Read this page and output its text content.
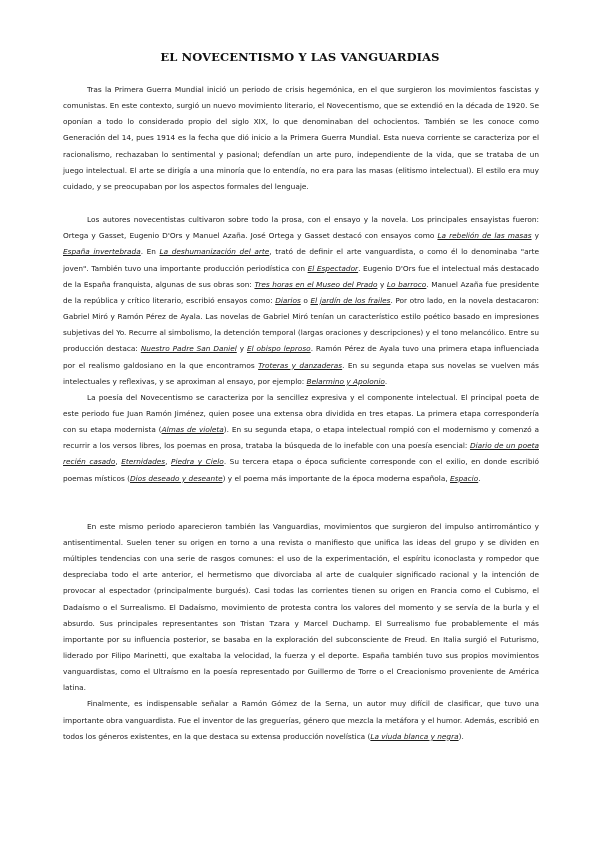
EL NOVECENTISMO Y LAS VANGUARDIAS

Tras la Primera Guerra Mundial inició un periodo de crisis hegemónica, en el que surgieron los movimientos fascistas y comunistas. En este contexto, surgió un nuevo movimiento literario, el Novecentismo, que se extendió en la década de 1920. Se oponían a todo lo considerado propio del siglo XIX, lo que denominaban del ochocientos. También se les conoce como Generación del 14, pues 1914 es la fecha que dió inicio a la Primera Guerra Mundial. Esta nueva corriente se caracteriza por el racionalismo, rechazaban lo sentimental y pasional; defendían un arte puro, independiente de la vida, que se trataba de un juego intelectual. El arte se dirigía a una minoría que lo entendía, no era para las masas (elitismo intelectual). El estilo era muy cuidado, y se preocupaban por los aspectos formales del lenguaje.

Los autores novecentistas cultivaron sobre todo la prosa, con el ensayo y la novela. Los principales ensayistas fueron: Ortega y Gasset, Eugenio D'Ors y Manuel Azaña. José Ortega y Gasset destacó con ensayos como La rebelión de las masas y España invertebrada. En La deshumanización del arte, trató de definir el arte vanguardista, o como él lo denominaba "arte joven". También tuvo una importante producción periodística con El Espectador. Eugenio D'Ors fue el intelectual más destacado de la España franquista, algunas de sus obras son: Tres horas en el Museo del Prado y Lo barroco. Manuel Azaña fue presidente de la república y crítico literario, escribió ensayos como: Diarios o El jardín de los frailes. Por otro lado, en la novela destacaron: Gabriel Miró y Ramón Pérez de Ayala. Las novelas de Gabriel Miró tenían un característico estilo poético basado en impresiones subjetivas del Yo. Recurre al simbolismo, la detención temporal (largas oraciones y descripciones) y el tono melancólico. Entre su producción destaca: Nuestro Padre San Daniel y El obispo leproso. Ramón Pérez de Ayala tuvo una primera etapa influenciada por el realismo galdosiano en la que encontramos Troteras y danzaderas. En su segunda etapa sus novelas se vuelven más intelectuales y reflexivas, y se aproximan al ensayo, por ejemplo: Belarmino y Apolonio.

La poesía del Novecentismo se caracteriza por la sencillez expresiva y el componente intelectual. El principal poeta de este periodo fue Juan Ramón Jiménez, quien posee una extensa obra dividida en tres etapas. La primera etapa correspondería con su etapa modernista (Almas de violeta). En su segunda etapa, o etapa intelectual rompió con el modernismo y comenzó a recurrir a los versos libres, los poemas en prosa, trataba la búsqueda de lo inefable con una poesía esencial: Diario de un poeta recién casado, Eternidades, Piedra y Cielo. Su tercera etapa o época suficiente corresponde con el exilio, en donde escribió poemas místicos (Dios deseado y deseante) y el poema más importante de la época moderna española, Espacio.

En este mismo periodo aparecieron también las Vanguardias, movimientos que surgieron del impulso antirromántico y antisentimental. Suelen tener su origen en torno a una revista o manifiesto que unifica las ideas del grupo y se dividen en múltiples tendencias con una serie de rasgos comunes: el uso de la experimentación, el espíritu iconoclasta y rompedor que despreciaba todo el arte anterior, el hermetismo que divorciaba al arte de cualquier significado racional y la intención de provocar al espectador (principalmente burgués). Casi todas las corrientes tienen su origen en Francia como el Cubismo, el Dadaísmo o el Surrealismo. El Dadaísmo, movimiento de protesta contra los valores del momento y se servía de la burla y el absurdo. Sus principales representantes son Tristan Tzara y Marcel Duchamp. El Surrealismo fue probablemente el más importante por su influencia posterior, se basaba en la exploración del subconsciente de Freud. En Italia surgió el Futurismo, liderado por Filipo Marinetti, que exaltaba la velocidad, la fuerza y el deporte. España también tuvo sus propios movimientos vanguardistas, como el Ultraísmo en la poesía representado por Guillermo de Torre o el Creacionismo proveniente de América latina.

Finalmente, es indispensable señalar a Ramón Gómez de la Serna, un autor muy difícil de clasificar, que tuvo una importante obra vanguardista. Fue el inventor de las greguerías, género que mezcla la metáfora y el humor. Además, escribió en todos los géneros existentes, en la que destaca su extensa producción novelística (La viuda blanca y negra).
